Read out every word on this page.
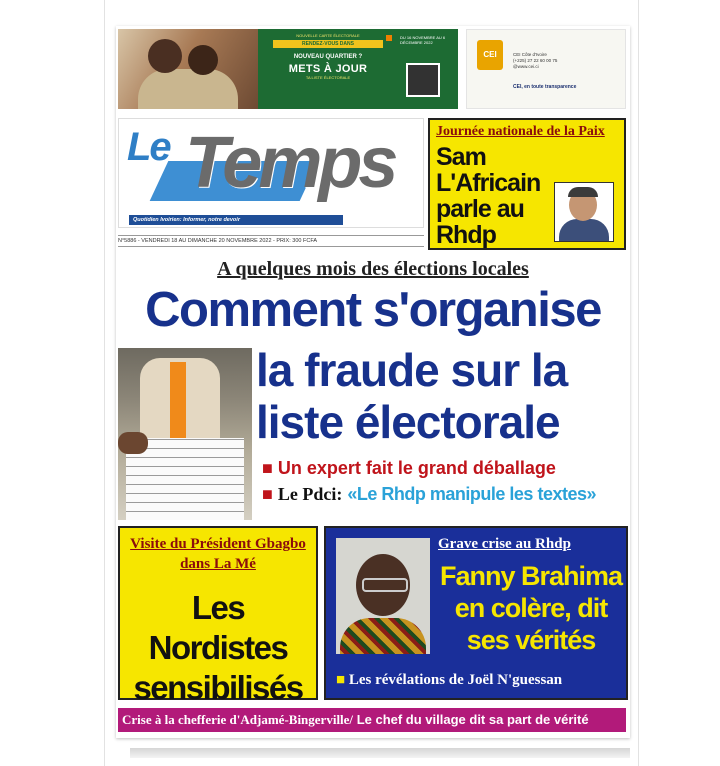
NOUVELLE CARTE ÉLECTORALE
RENDEZ-VOUS DANS
NOUVEAU QUARTIER ?
METS À JOUR
TA LISTE ÉLECTORALE
DU 16 NOVEMBRE AU 6 DÉCEMBRE 2022
CEI	CEI Côte d'Ivoire
(+225) 27 22 60 00 75
@www.cei.ci
CEI, en toute transparence
Le Temps
Quotidien Ivoirien: Informer, notre devoir
N°5886 - VENDREDI 18 AU DIMANCHE 20 NOVEMBRE 2022 - PRIX: 300 FCFA
Journée nationale de la Paix
Sam L'Africain parle au Rhdp
A quelques mois des élections locales
Comment s'organise
la fraude sur la liste électorale
■ Un expert fait le grand déballage
■ Le Pdci: «Le Rhdp manipule les textes»
Visite du Président Gbagbo dans La Mé
Les Nordistes sensibilisés
Grave crise au Rhdp
Fanny Brahima en colère, dit ses vérités
■ Les révélations de Joël N'guessan
Crise à la chefferie d'Adjamé-Bingerville/ Le chef du village dit sa part de vérité
